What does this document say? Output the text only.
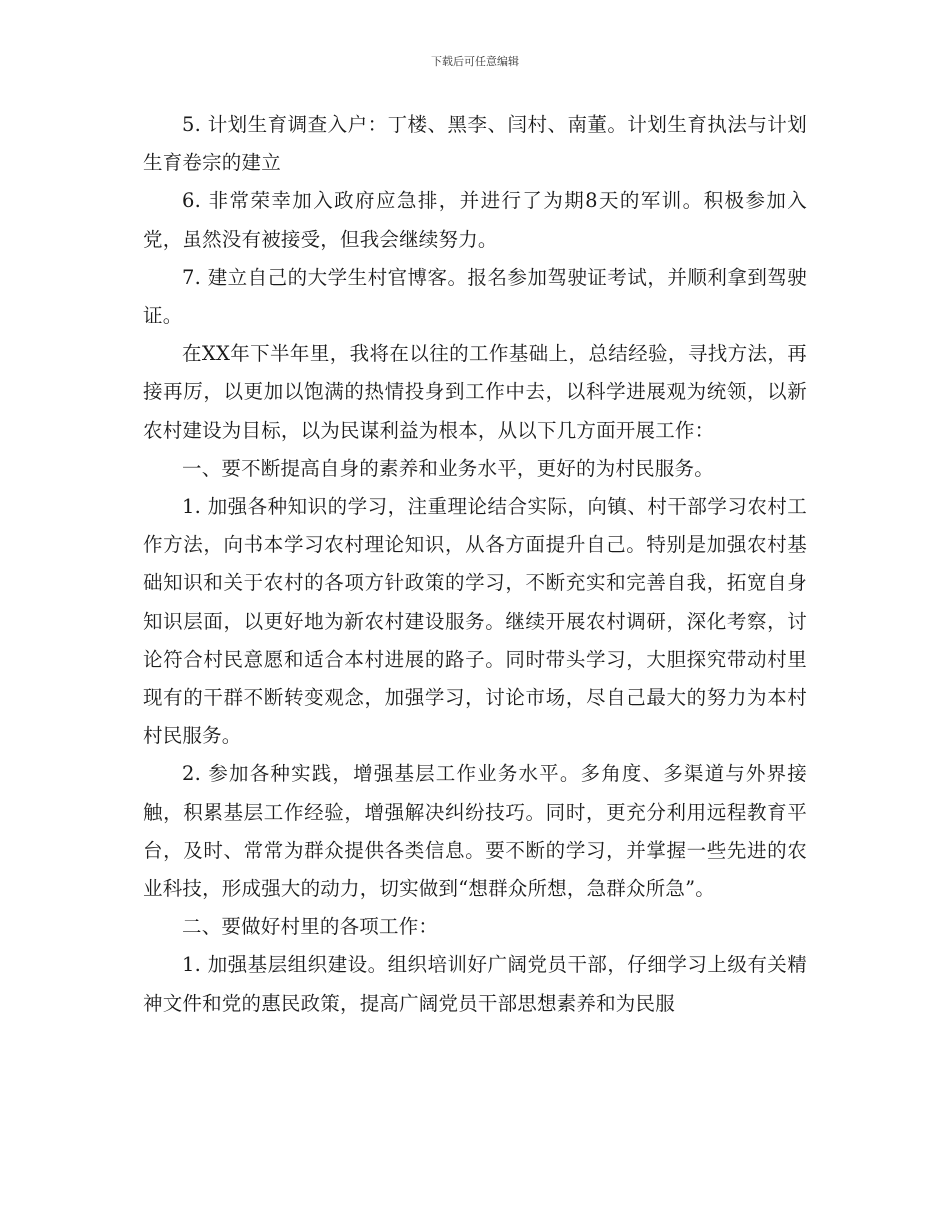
下载后可任意编辑

5. 计划生育调查入户：丁楼、黑李、闫村、南董。计划生育执法与计划生育卷宗的建立

6. 非常荣幸加入政府应急排，并进行了为期8天的军训。积极参加入党，虽然没有被接受，但我会继续努力。

7. 建立自己的大学生村官博客。报名参加驾驶证考试，并顺利拿到驾驶证。

在XX年下半年里，我将在以往的工作基础上，总结经验，寻找方法，再接再厉，以更加以饱满的热情投身到工作中去，以科学进展观为统领，以新农村建设为目标，以为民谋利益为根本，从以下几方面开展工作：

一、要不断提高自身的素养和业务水平，更好的为村民服务。

1. 加强各种知识的学习，注重理论结合实际，向镇、村干部学习农村工作方法，向书本学习农村理论知识，从各方面提升自己。特别是加强农村基础知识和关于农村的各项方针政策的学习，不断充实和完善自我，拓宽自身知识层面，以更好地为新农村建设服务。继续开展农村调研，深化考察，讨论符合村民意愿和适合本村进展的路子。同时带头学习，大胆探究带动村里现有的干群不断转变观念，加强学习，讨论市场，尽自己最大的努力为本村村民服务。

2. 参加各种实践，增强基层工作业务水平。多角度、多渠道与外界接触，积累基层工作经验，增强解决纠纷技巧。同时，更充分利用远程教育平台，及时、常常为群众提供各类信息。要不断的学习，并掌握一些先进的农业科技，形成强大的动力，切实做到“想群众所想，急群众所急”。

二、要做好村里的各项工作：

1. 加强基层组织建设。组织培训好广阔党员干部，仔细学习上级有关精神文件和党的惠民政策，提高广阔党员干部思想素养和为民服
